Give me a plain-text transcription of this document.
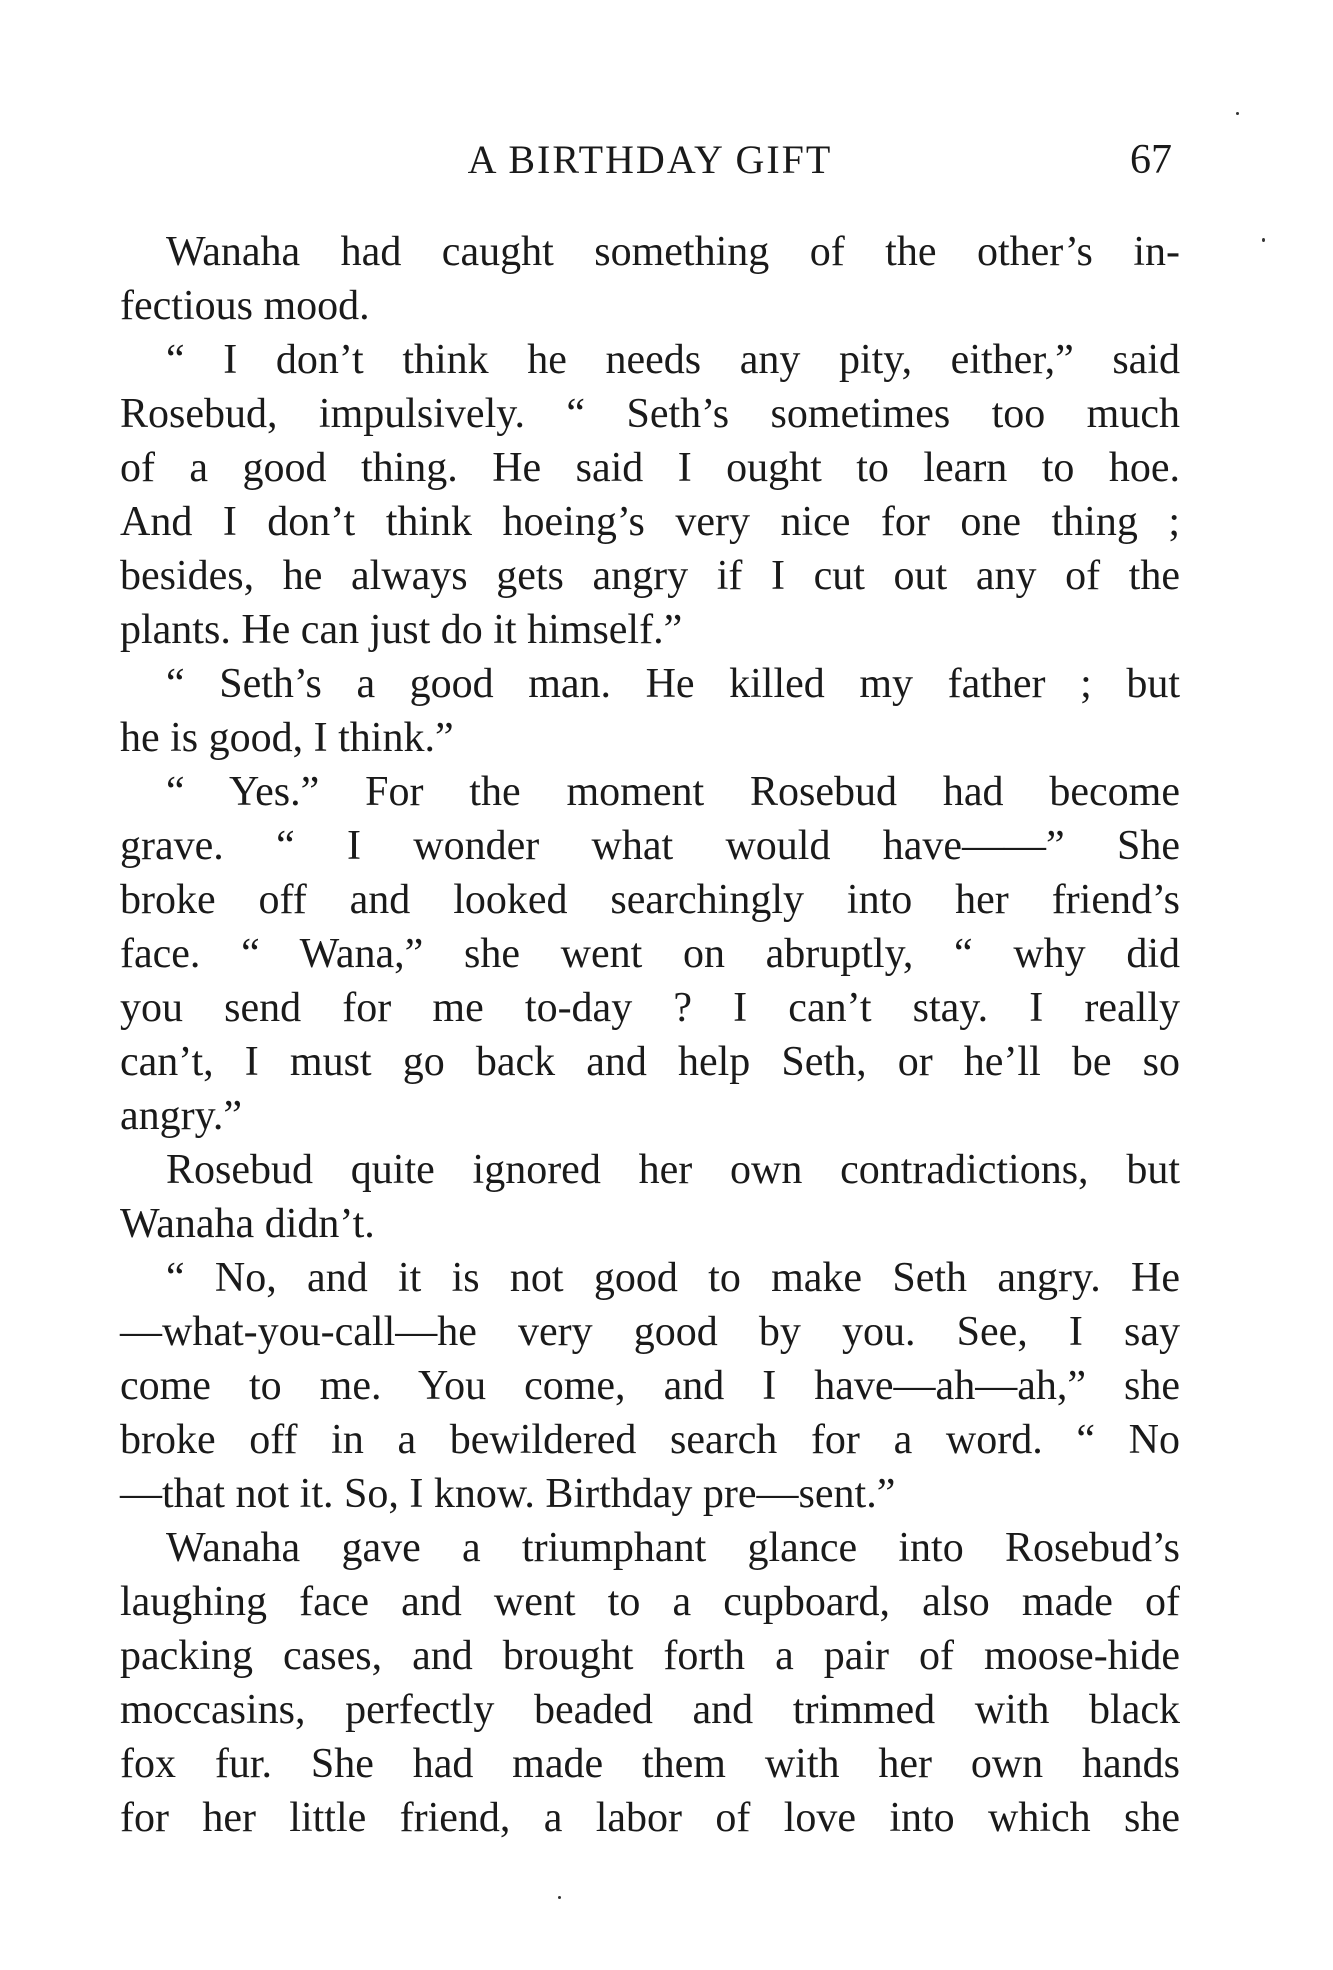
A BIRTHDAY GIFT	67
Wanaha had caught something of the other’s in-
fectious mood.
“ I don’t think he needs any pity, either,” said
Rosebud, impulsively. “ Seth’s sometimes too much
of a good thing. He said I ought to learn to hoe.
And I don’t think hoeing’s very nice for one thing ;
besides, he always gets angry if I cut out any of the
plants. He can just do it himself.”
“ Seth’s a good man. He killed my father ; but
he is good, I think.”
“ Yes.” For the moment Rosebud had become
grave. “ I wonder what would have——” She
broke off and looked searchingly into her friend’s
face. “ Wana,” she went on abruptly, “ why did
you send for me to-day ? I can’t stay. I really
can’t, I must go back and help Seth, or he’ll be so
angry.”
Rosebud quite ignored her own contradictions, but
Wanaha didn’t.
“ No, and it is not good to make Seth angry. He
—what-you-call—he very good by you. See, I say
come to me. You come, and I have—ah—ah,” she
broke off in a bewildered search for a word. “ No
—that not it. So, I know. Birthday pre—sent.”
Wanaha gave a triumphant glance into Rosebud’s
laughing face and went to a cupboard, also made of
packing cases, and brought forth a pair of moose-hide
moccasins, perfectly beaded and trimmed with black
fox fur. She had made them with her own hands
for her little friend, a labor of love into which she
